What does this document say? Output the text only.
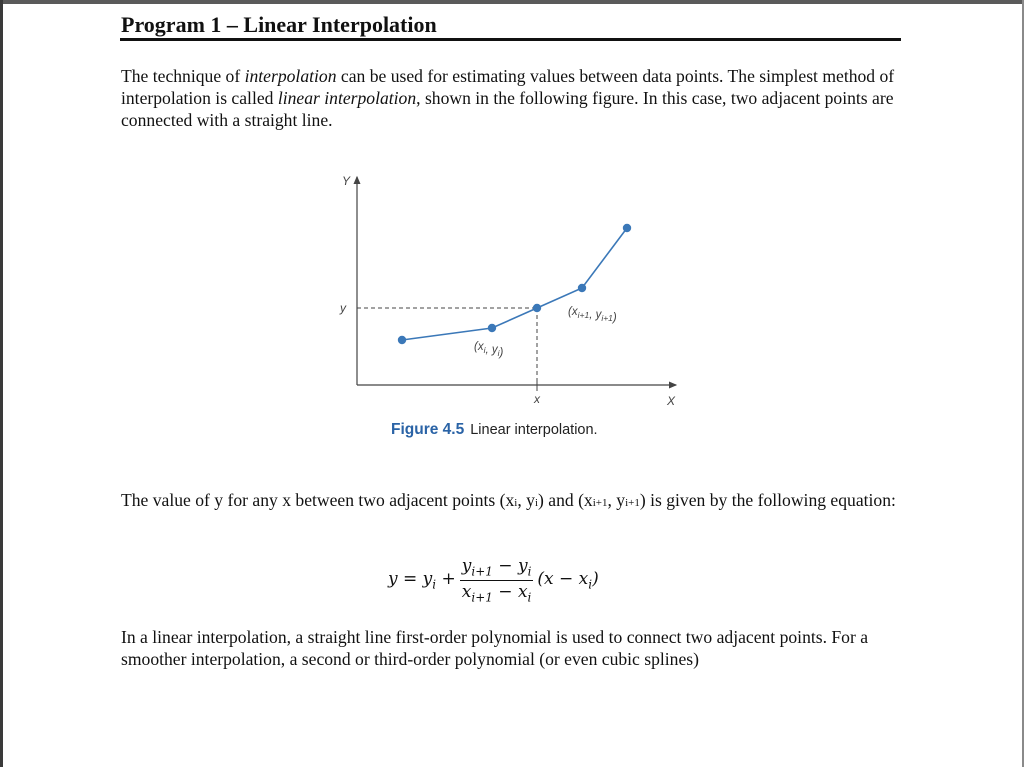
Program 1 – Linear Interpolation

The technique of interpolation can be used for estimating values between data points. The simplest method of interpolation is called linear interpolation, shown in the following figure. In this case, two adjacent points are connected with a straight line.

Y
X
y
x
($x_i$, $y_i$)
($x_{i+1}$, $y_{i+1}$)
Figure 4.5 Linear interpolation.

The value of y for any x between two adjacent points (xi, yi) and (xi+1, yi+1) is given by the following equation:

$y = y_i + \frac{y_{i+1} - y_i}{x_{i+1} - x_i} (x - x_i)$

In a linear interpolation, a straight line first-order polynomial is used to connect two adjacent points. For a smoother interpolation, a second or third-order polynomial (or even cubic splines)
